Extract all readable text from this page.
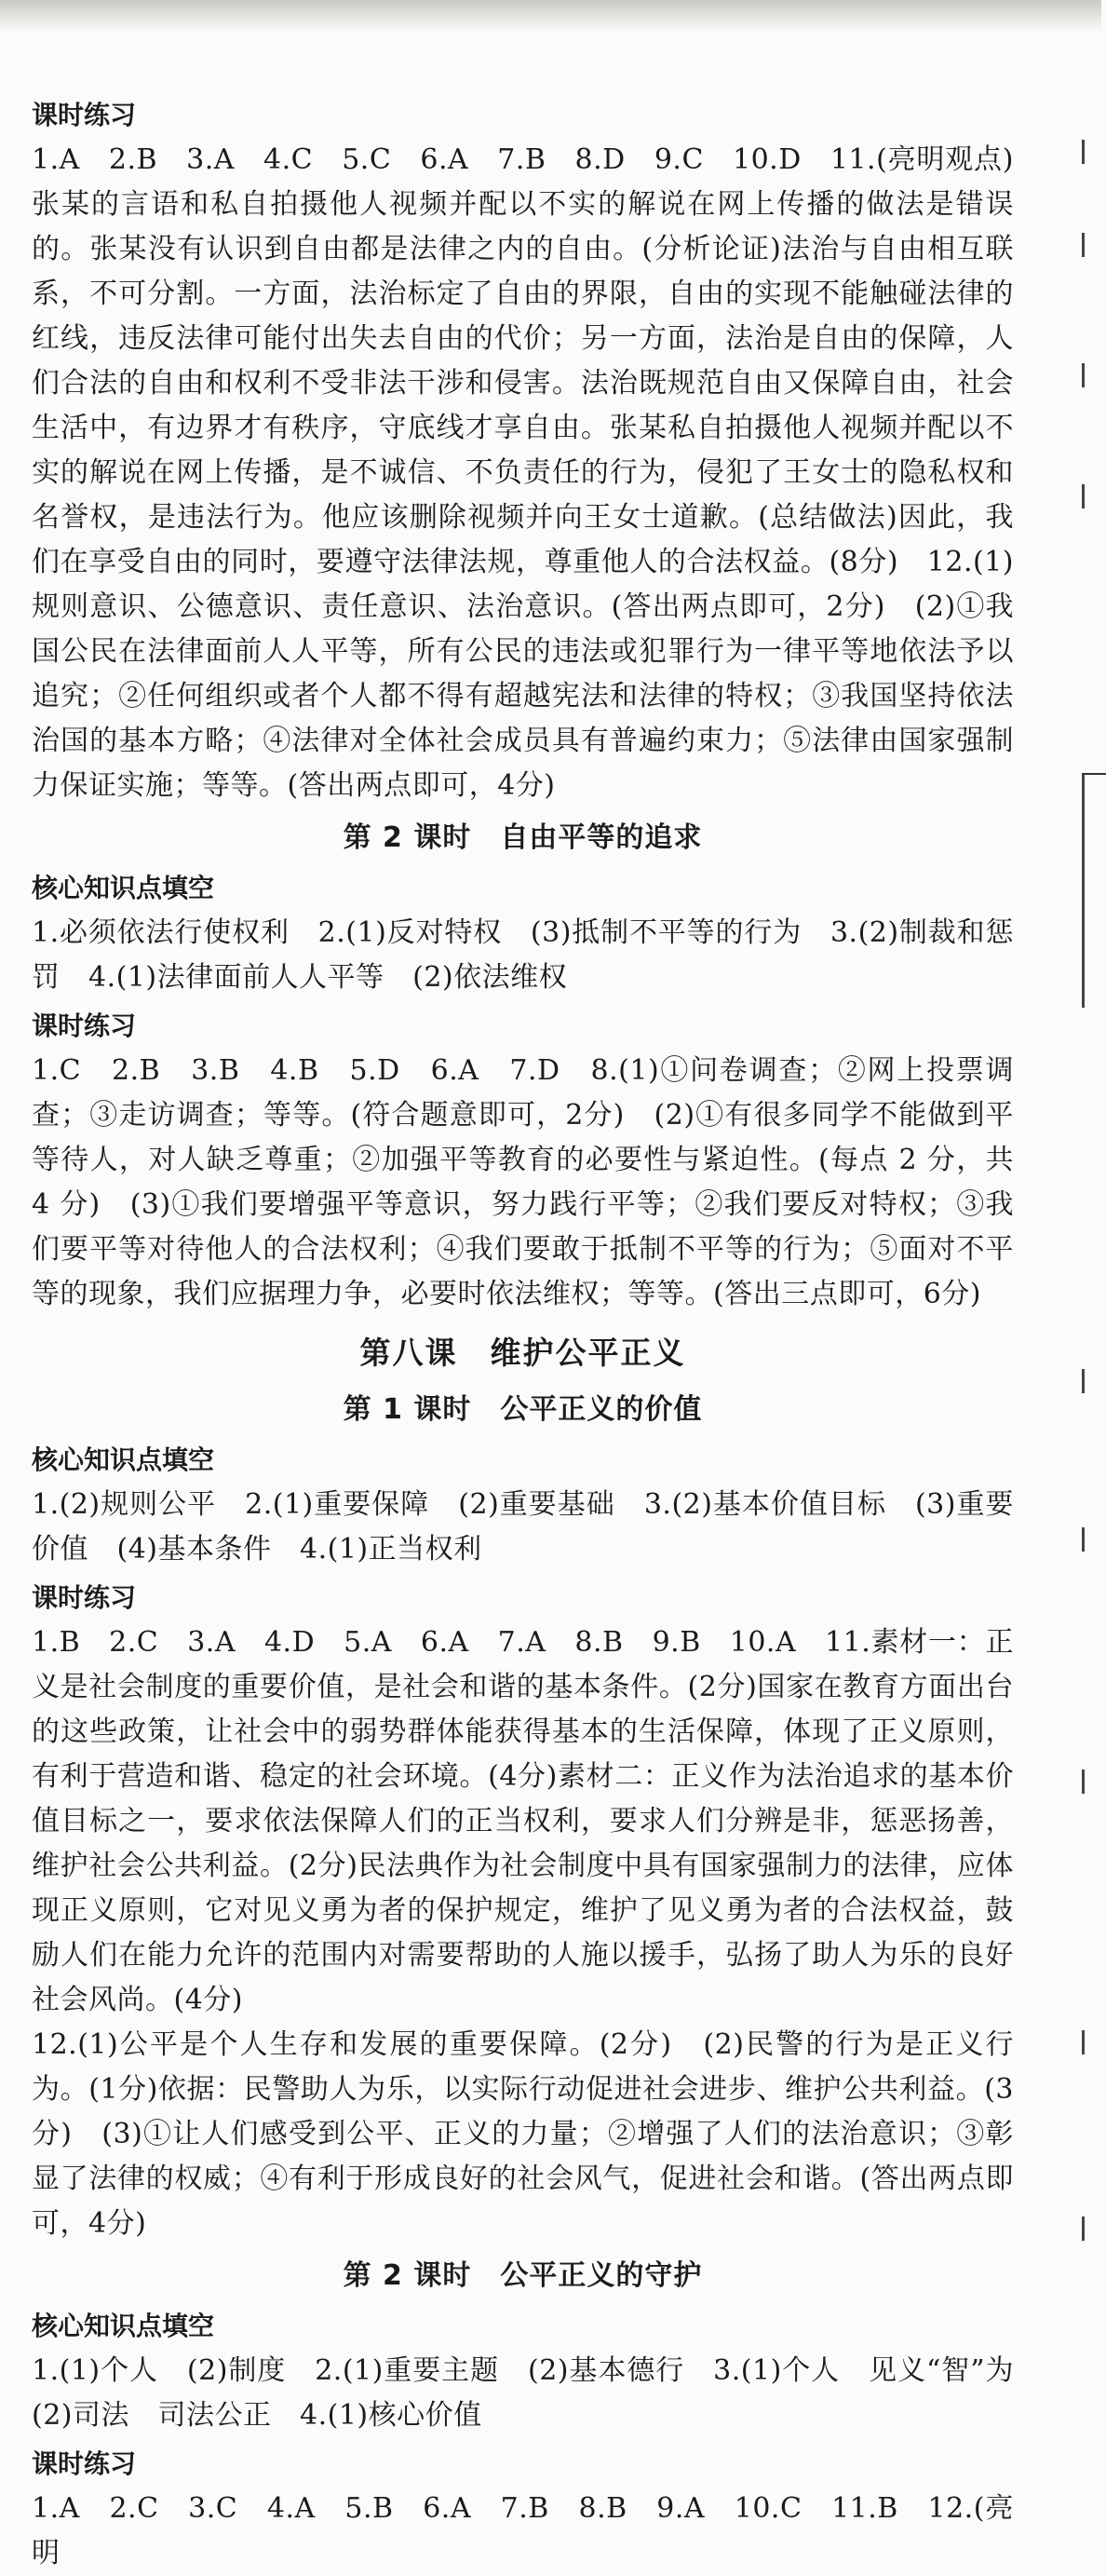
课时练习

1.A　2.B　3.A　4.C　5.C　6.A　7.B　8.D　9.C　10.D　11.(亮明观点)张某的言语和私自拍摄他人视频并配以不实的解说在网上传播的做法是错误的。张某没有认识到自由都是法律之内的自由。(分析论证)法治与自由相互联系，不可分割。一方面，法治标定了自由的界限，自由的实现不能触碰法律的红线，违反法律可能付出失去自由的代价；另一方面，法治是自由的保障，人们合法的自由和权利不受非法干涉和侵害。法治既规范自由又保障自由，社会生活中，有边界才有秩序，守底线才享自由。张某私自拍摄他人视频并配以不实的解说在网上传播，是不诚信、不负责任的行为，侵犯了王女士的隐私权和名誉权，是违法行为。他应该删除视频并向王女士道歉。(总结做法)因此，我们在享受自由的同时，要遵守法律法规，尊重他人的合法权益。(8分)　12.(1)规则意识、公德意识、责任意识、法治意识。(答出两点即可，2分)　(2)①我国公民在法律面前人人平等，所有公民的违法或犯罪行为一律平等地依法予以追究；②任何组织或者个人都不得有超越宪法和法律的特权；③我国坚持依法治国的基本方略；④法律对全体社会成员具有普遍约束力；⑤法律由国家强制力保证实施；等等。(答出两点即可，4分)

第 2 课时　自由平等的追求
核心知识点填空

1.必须依法行使权利　2.(1)反对特权　(3)抵制不平等的行为　3.(2)制裁和惩罚　4.(1)法律面前人人平等　(2)依法维权

课时练习

1.C　2.B　3.B　4.B　5.D　6.A　7.D　8.(1)①问卷调查；②网上投票调查；③走访调查；等等。(符合题意即可，2分)　(2)①有很多同学不能做到平等待人，对人缺乏尊重；②加强平等教育的必要性与紧迫性。(每点 2 分，共 4 分)　(3)①我们要增强平等意识，努力践行平等；②我们要反对特权；③我们要平等对待他人的合法权利；④我们要敢于抵制不平等的行为；⑤面对不平等的现象，我们应据理力争，必要时依法维权；等等。(答出三点即可，6分)

第八课　维护公平正义
第 1 课时　公平正义的价值
核心知识点填空

1.(2)规则公平　2.(1)重要保障　(2)重要基础　3.(2)基本价值目标　(3)重要价值　(4)基本条件　4.(1)正当权利

课时练习

1.B　2.C　3.A　4.D　5.A　6.A　7.A　8.B　9.B　10.A　11.素材一：正义是社会制度的重要价值，是社会和谐的基本条件。(2分)国家在教育方面出台的这些政策，让社会中的弱势群体能获得基本的生活保障，体现了正义原则，有利于营造和谐、稳定的社会环境。(4分)素材二：正义作为法治追求的基本价值目标之一，要求依法保障人们的正当权利，要求人们分辨是非，惩恶扬善，维护社会公共利益。(2分)民法典作为社会制度中具有国家强制力的法律，应体现正义原则，它对见义勇为者的保护规定，维护了见义勇为者的合法权益，鼓励人们在能力允许的范围内对需要帮助的人施以援手，弘扬了助人为乐的良好社会风尚。(4分)

12.(1)公平是个人生存和发展的重要保障。(2分)　(2)民警的行为是正义行为。(1分)依据：民警助人为乐，以实际行动促进社会进步、维护公共利益。(3分)　(3)①让人们感受到公平、正义的力量；②增强了人们的法治意识；③彰显了法律的权威；④有利于形成良好的社会风气，促进社会和谐。(答出两点即可，4分)

第 2 课时　公平正义的守护
核心知识点填空

1.(1)个人　(2)制度　2.(1)重要主题　(2)基本德行　3.(1)个人　见义“智”为　(2)司法　司法公正　4.(1)核心价值

课时练习

1.A　2.C　3.C　4.A　5.B　6.A　7.B　8.B　9.A　10.C　11.B　12.(亮明
